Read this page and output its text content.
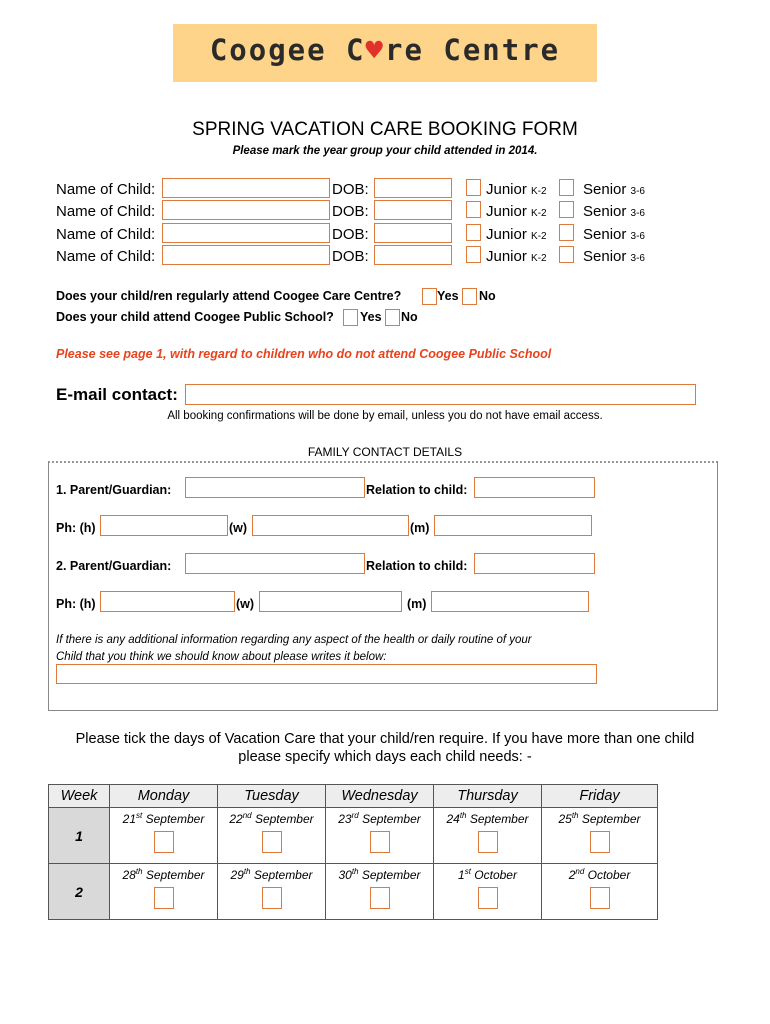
Coogee C♥re Centre
SPRING VACATION CARE BOOKING FORM
Please mark the year group your child attended in 2014.
Name of Child:	DOB:	Junior K-2 Senior 3-6
Name of Child:	DOB:	Junior K-2 Senior 3-6
Name of Child:	DOB:	Junior K-2 Senior 3-6
Name of Child:	DOB:	Junior K-2 Senior 3-6
Does your child/ren regularly attend Coogee Care Centre?	Yes No
Does your child attend Coogee Public School? Yes No
Please see page 1, with regard to children who do not attend Coogee Public School
E-mail contact:
All booking confirmations will be done by email, unless you do not have email access.
FAMILY CONTACT DETAILS
1. Parent/Guardian:	Relation to child:
Ph: (h)	(w)	(m)
2. Parent/Guardian:	Relation to child:
Ph: (h)	(w)	(m)
If there is any additional information regarding any aspect of the health or daily routine of your
Child that you think we should know about please writes it below:
Please tick the days of Vacation Care that your child/ren require. If you have more than one child
please specify which days each child needs: -
Week	Monday	Tuesday	Wednesday	Thursday	Friday
1	21st September	22nd September	23rd September	24th September	25th September

2	28th September	29th September	30th September	1st October	2nd October
